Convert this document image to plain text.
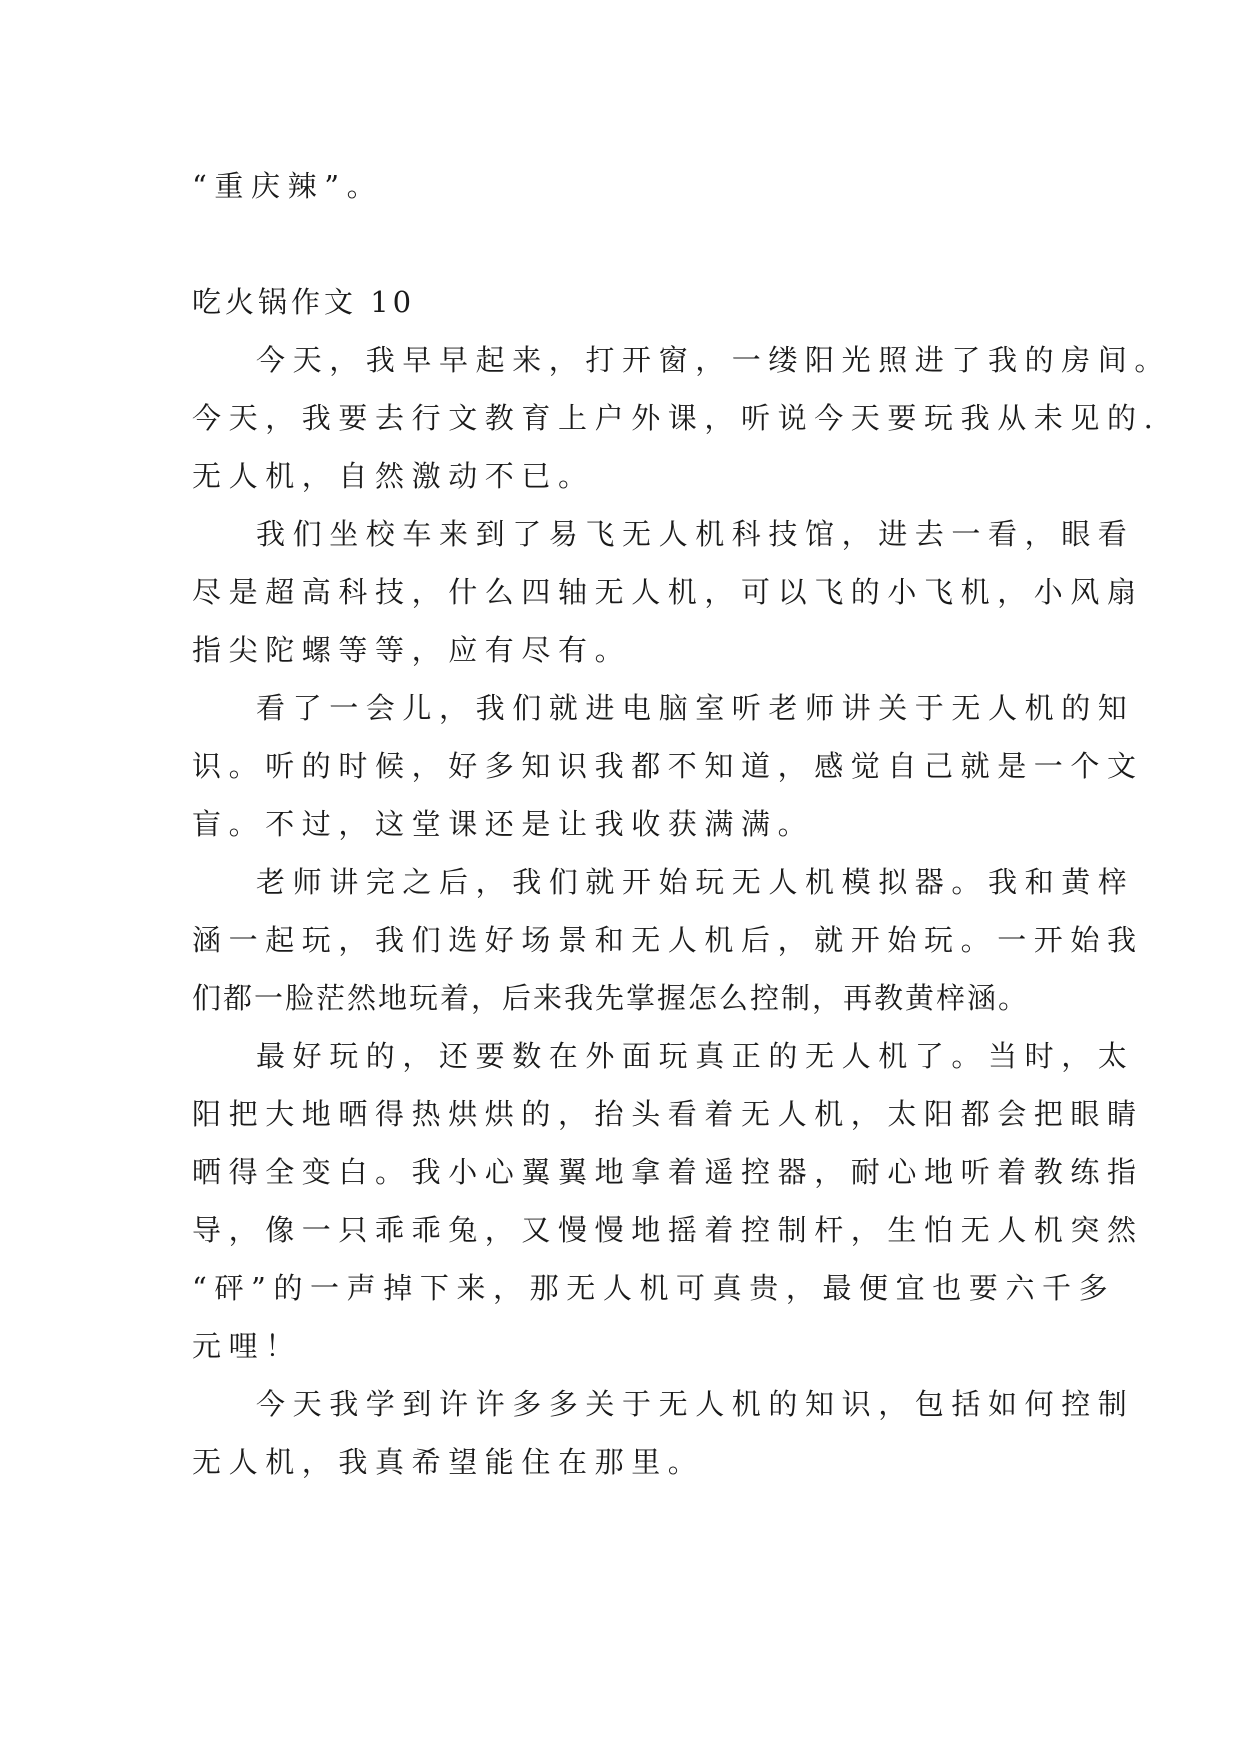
“重庆辣”。
吃火锅作文 10
今天，我早早起来，打开窗，一缕阳光照进了我的房间。
今天，我要去行文教育上户外课，听说今天要玩我从未见的.
无人机，自然激动不已。
我们坐校车来到了易飞无人机科技馆，进去一看，眼看
尽是超高科技，什么四轴无人机，可以飞的小飞机，小风扇
指尖陀螺等等，应有尽有。
看了一会儿，我们就进电脑室听老师讲关于无人机的知
识。听的时候，好多知识我都不知道，感觉自己就是一个文
盲。不过，这堂课还是让我收获满满。
老师讲完之后，我们就开始玩无人机模拟器。我和黄梓
涵一起玩，我们选好场景和无人机后，就开始玩。一开始我
们都一脸茫然地玩着，后来我先掌握怎么控制，再教黄梓涵。
最好玩的，还要数在外面玩真正的无人机了。当时，太
阳把大地晒得热烘烘的，抬头看着无人机，太阳都会把眼睛
晒得全变白。我小心翼翼地拿着遥控器，耐心地听着教练指
导，像一只乖乖兔，又慢慢地摇着控制杆，生怕无人机突然
“砰”的一声掉下来，那无人机可真贵，最便宜也要六千多
元哩！
今天我学到许许多多关于无人机的知识，包括如何控制
无人机，我真希望能住在那里。
